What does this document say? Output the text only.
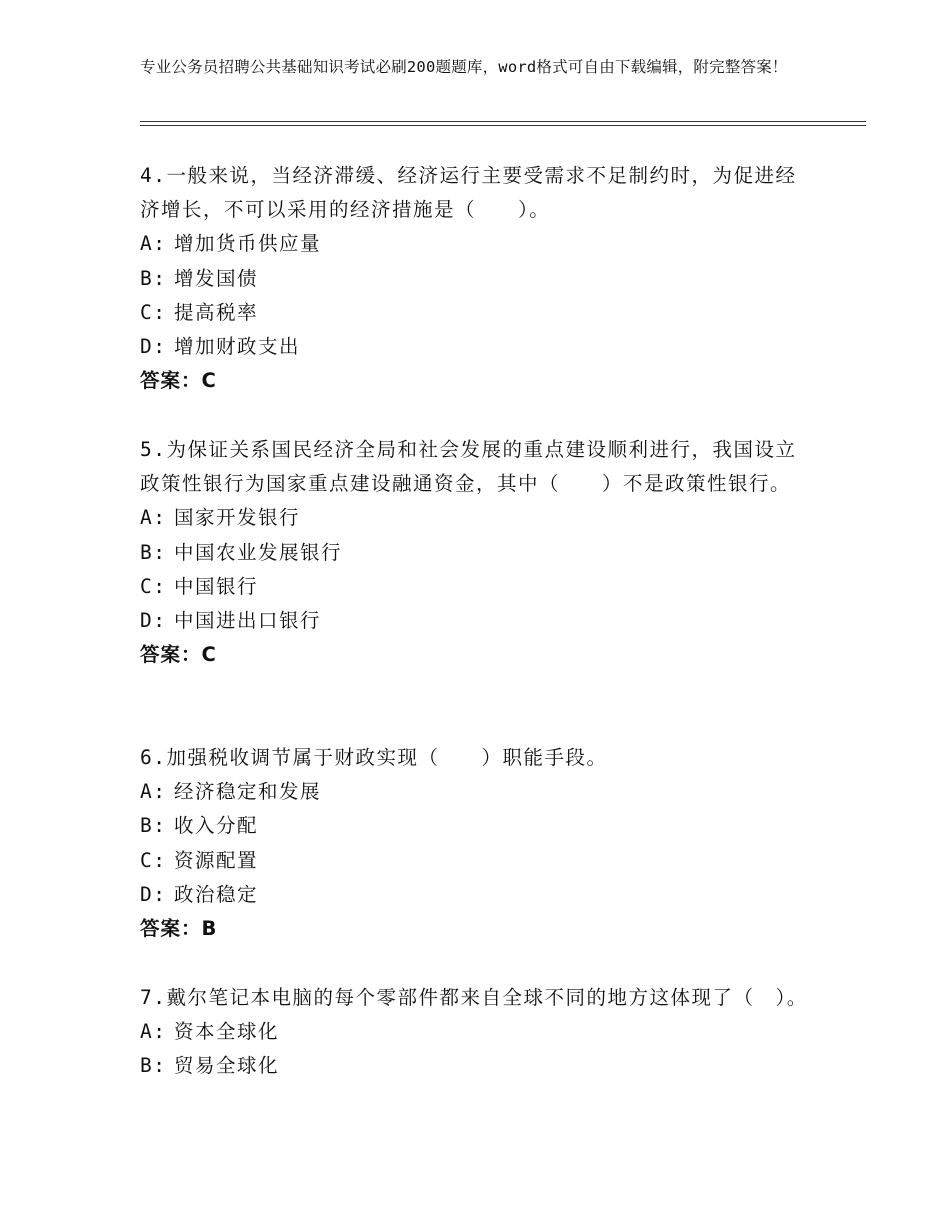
专业公务员招聘公共基础知识考试必刷200题题库，word格式可自由下载编辑，附完整答案！

4.一般来说，当经济滞缓、经济运行主要受需求不足制约时，为促进经济增长，不可以采用的经济措施是（　　）。

A: 增加货币供应量

B: 增发国债

C: 提高税率

D: 增加财政支出

答案：C

5.为保证关系国民经济全局和社会发展的重点建设顺利进行，我国设立政策性银行为国家重点建设融通资金，其中（　　）不是政策性银行。

A: 国家开发银行

B: 中国农业发展银行

C: 中国银行

D: 中国进出口银行

答案：C

6.加强税收调节属于财政实现（　　）职能手段。

A: 经济稳定和发展

B: 收入分配

C: 资源配置

D: 政治稳定

答案：B

7.戴尔笔记本电脑的每个零部件都来自全球不同的地方这体现了（　）。

A: 资本全球化

B: 贸易全球化
